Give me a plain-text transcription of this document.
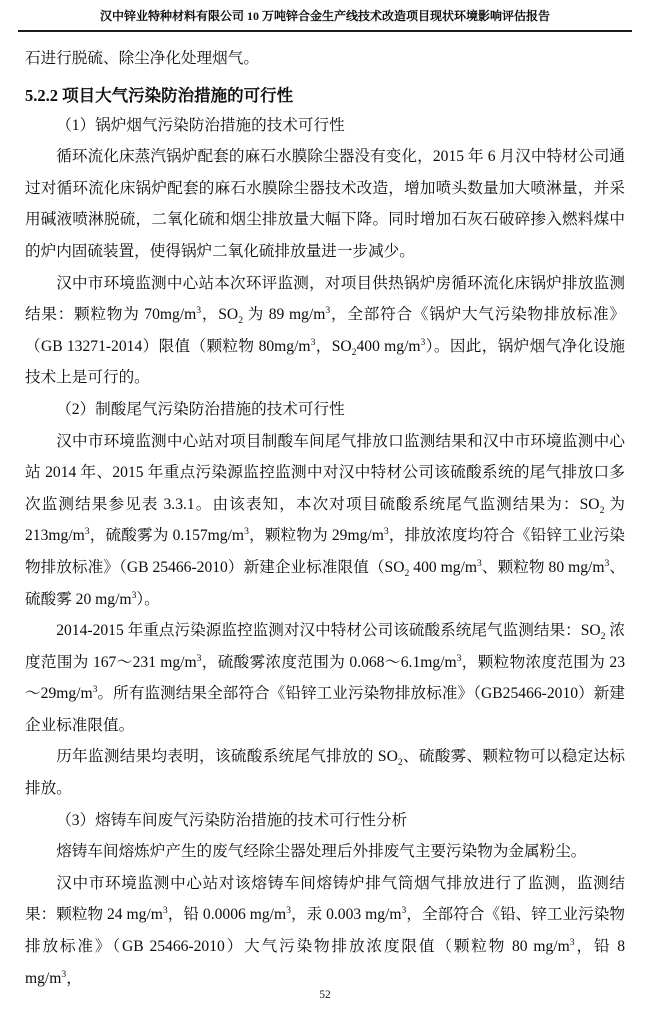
汉中锌业特种材料有限公司 10 万吨锌合金生产线技术改造项目现状环境影响评估报告

石进行脱硫、除尘净化处理烟气。

5.2.2 项目大气污染防治措施的可行性

（1）锅炉烟气污染防治措施的技术可行性

循环流化床蒸汽锅炉配套的麻石水膜除尘器没有变化，2015 年 6 月汉中特材公司通过对循环流化床锅炉配套的麻石水膜除尘器技术改造，增加喷头数量加大喷淋量，并采用碱液喷淋脱硫，二氧化硫和烟尘排放量大幅下降。同时增加石灰石破碎掺入燃料煤中的炉内固硫装置，使得锅炉二氧化硫排放量进一步减少。

汉中市环境监测中心站本次环评监测，对项目供热锅炉房循环流化床锅炉排放监测结果：颗粒物为 $70mg/m^3$，$SO_2$ 为 89 $mg/m^3$，全部符合《锅炉大气污染物排放标准》（GB 13271-2014）限值（颗粒物 $80mg/m^3$，$SO_2400$ $mg/m^3$）。因此，锅炉烟气净化设施技术上是可行的。

（2）制酸尾气污染防治措施的技术可行性

汉中市环境监测中心站对项目制酸车间尾气排放口监测结果和汉中市环境监测中心站 2014 年、2015 年重点污染源监控监测中对汉中特材公司该硫酸系统的尾气排放口多次监测结果参见表 3.3.1。由该表知，本次对项目硫酸系统尾气监测结果为：$SO_2$ 为 $213mg/m^3$，硫酸雾为 $0.157mg/m^3$，颗粒物为 $29mg/m^3$，排放浓度均符合《铅锌工业污染物排放标准》（GB 25466-2010）新建企业标准限值（$SO_2$ 400 $mg/m^3$、颗粒物 80 $mg/m^3$、硫酸雾 20 $mg/m^3$）。

2014-2015 年重点污染源监控监测对汉中特材公司该硫酸系统尾气监测结果：$SO_2$ 浓度范围为 167～231 $mg/m^3$，硫酸雾浓度范围为 $0.068\sim 6.1mg/m^3$，颗粒物浓度范围为 $23\sim 29mg/m^3$。所有监测结果全部符合《铅锌工业污染物排放标准》（GB25466-2010）新建企业标准限值。

历年监测结果均表明，该硫酸系统尾气排放的 $SO_2$、硫酸雾、颗粒物可以稳定达标排放。

（3）熔铸车间废气污染防治措施的技术可行性分析

熔铸车间熔炼炉产生的废气经除尘器处理后外排废气主要污染物为金属粉尘。

汉中市环境监测中心站对该熔铸车间熔铸炉排气筒烟气排放进行了监测，监测结果：颗粒物 24 $mg/m^3$，铅 0.0006 $mg/m^3$，汞 0.003 $mg/m^3$，全部符合《铅、锌工业污染物排放标准》（GB 25466-2010）大气污染物排放浓度限值（颗粒物 80 $mg/m^3$，铅 8 $mg/m^3$，

52
